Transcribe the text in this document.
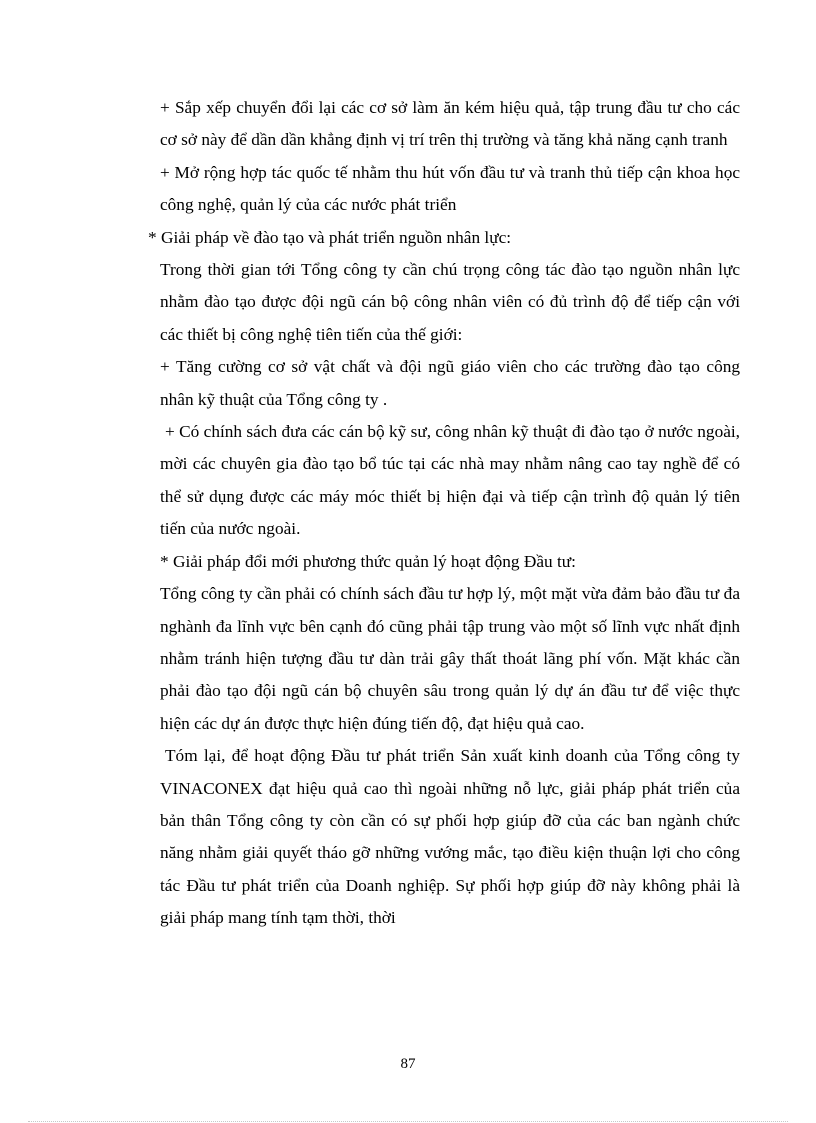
+ Sắp xếp chuyển đổi lại các cơ sở làm ăn kém hiệu quả, tập trung đầu tư cho các cơ sở này để dần dần khẳng định vị trí trên thị trường và tăng khả năng cạnh tranh

+ Mở rộng hợp tác quốc tế nhằm thu hút vốn đầu tư và tranh thủ tiếp cận khoa học công nghệ, quản lý của các nước phát triển

* Giải pháp về đào tạo và phát triển nguồn nhân lực:

Trong thời gian tới Tổng công ty cần chú trọng công tác đào tạo nguồn nhân lực nhằm đào tạo được đội ngũ cán bộ công nhân viên có đủ trình độ để tiếp cận với các thiết bị công nghệ tiên tiến của thế giới:

+ Tăng cường cơ sở vật chất và đội ngũ giáo viên cho các trường đào tạo công nhân kỹ thuật của Tổng công ty .

+ Có chính sách đưa các cán bộ kỹ sư, công nhân kỹ thuật đi đào tạo ở nước ngoài, mời các chuyên gia đào tạo bổ túc tại các nhà may nhằm nâng cao tay nghề để có thể sử dụng được các máy móc thiết bị hiện đại và tiếp cận trình độ quản lý tiên tiến của nước ngoài.

* Giải pháp đổi mới phương thức quản lý hoạt động Đầu tư:

Tổng công ty cần phải có chính sách đầu tư hợp lý, một mặt vừa đảm bảo đầu tư đa nghành đa lĩnh vực bên cạnh đó cũng phải tập trung vào một số lĩnh vực nhất định nhằm tránh hiện tượng đầu tư dàn trải gây thất thoát lãng phí vốn. Mặt khác cần phải đào tạo đội ngũ cán bộ chuyên sâu trong quản lý dự án đầu tư để việc thực hiện các dự án được thực hiện đúng tiến độ, đạt hiệu quả cao.

Tóm lại, để hoạt động Đầu tư phát triển Sản xuất kinh doanh của Tổng công ty VINACONEX đạt hiệu quả cao thì ngoài những nỗ lực, giải pháp phát triển của bản thân Tổng công ty còn cần có sự phối hợp giúp đỡ của các ban ngành chức năng nhằm giải quyết tháo gỡ những vướng mắc, tạo điều kiện thuận lợi cho công tác Đầu tư phát triển của Doanh nghiệp. Sự phối hợp giúp đỡ này không phải là giải pháp mang tính tạm thời, thời

87
